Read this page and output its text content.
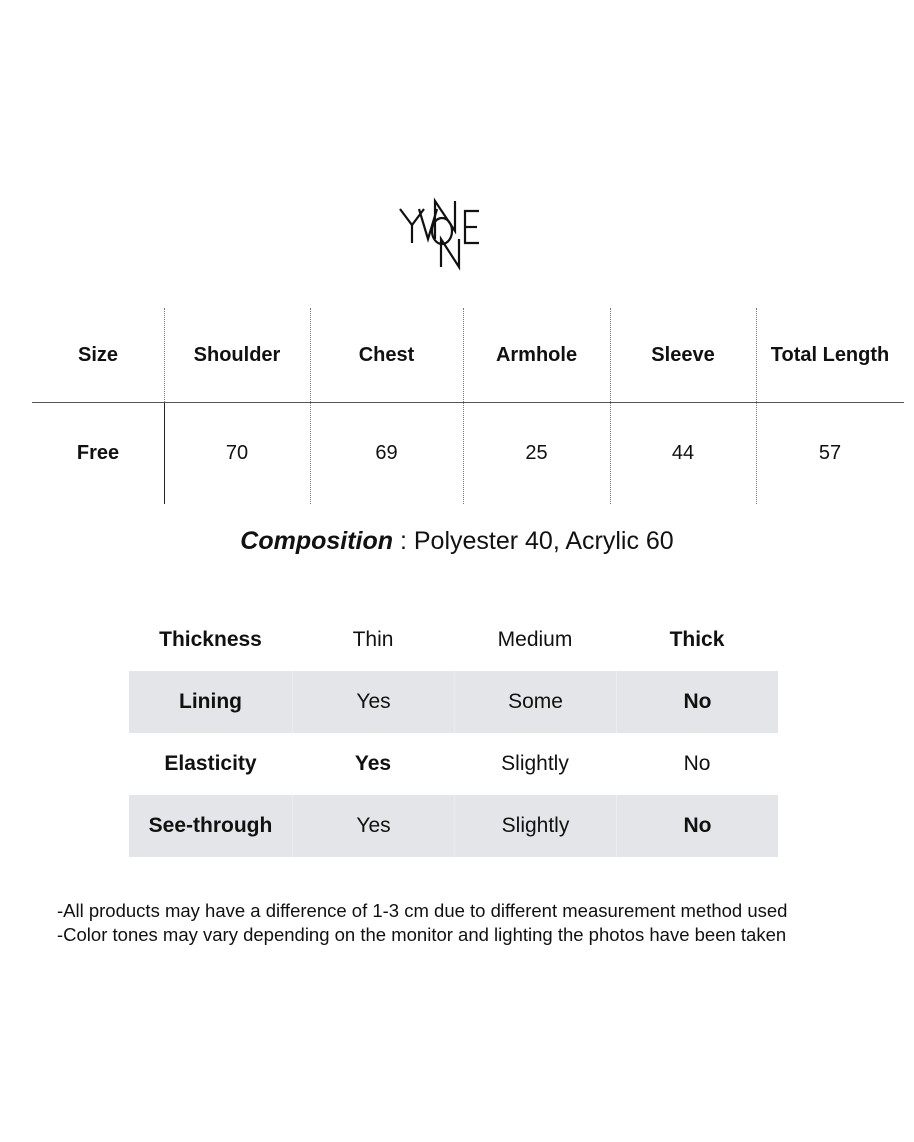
Size	Shoulder	Chest	Armhole	Sleeve	Total Length
Free	70	69	25	44	57
Composition : Polyester 40, Acrylic 60
Thickness	Thin	Medium	Thick
Lining	Yes	Some	No
Elasticity	Yes	Slightly	No
See-through	Yes	Slightly	No
-All products may have a difference of 1-3 cm due to different measurement method used
-Color tones may vary depending on the monitor and lighting the photos have been taken
